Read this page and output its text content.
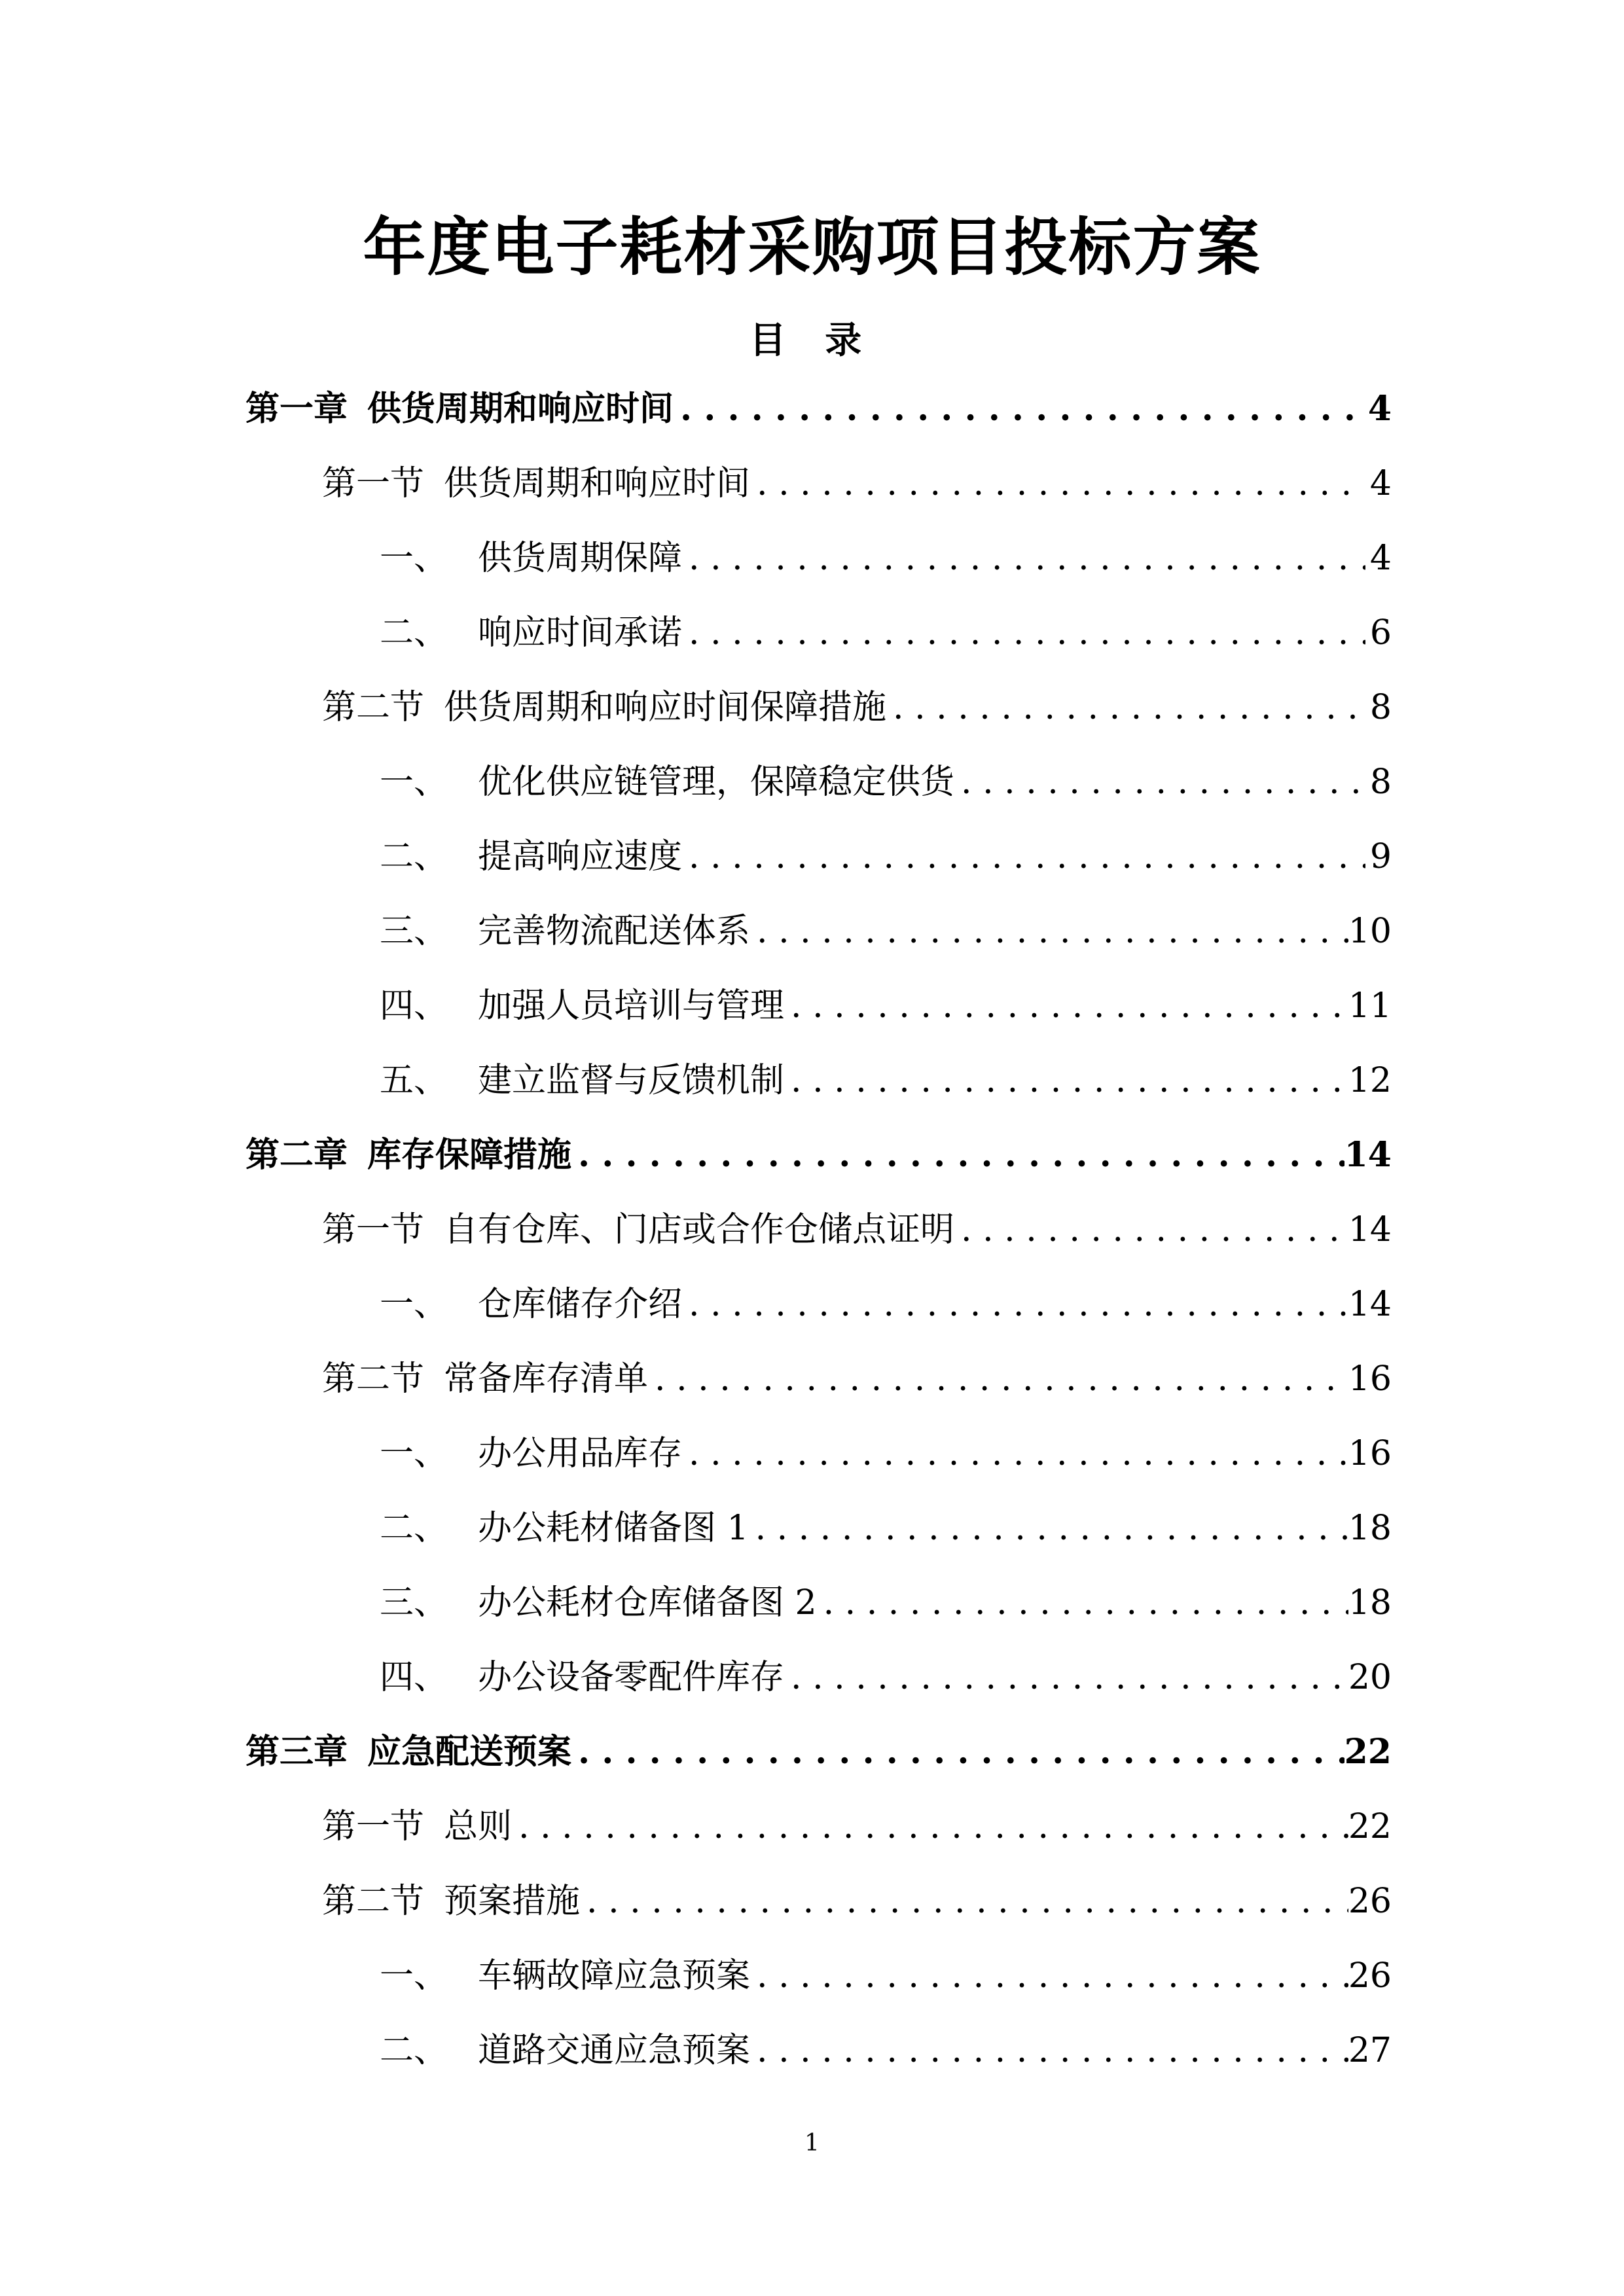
年度电子耗材采购项目投标方案
目 录
第一章 供货周期和响应时间 . . .	4
第一节 供货周期和响应时间 . . .	4
一、 供货周期保障 . . .	4
二、 响应时间承诺 . . .	6
第二节 供货周期和响应时间保障措施 . . .	8
一、 优化供应链管理，保障稳定供货 . . .	8
二、 提高响应速度 . . .	9
三、 完善物流配送体系 . . .	10
四、 加强人员培训与管理 . . .	11
五、 建立监督与反馈机制 . . .	12
第二章 库存保障措施 . . .	14
第一节 自有仓库、门店或合作仓储点证明 . . .	14
一、 仓库储存介绍 . . .	14
第二节 常备库存清单 . . .	16
一、 办公用品库存 . . .	16
二、 办公耗材储备图 1 . . .	18
三、 办公耗材仓库储备图 2 . . .	18
四、 办公设备零配件库存 . . .	20
第三章 应急配送预案 . . .	22
第一节 总则 . . .	22
第二节 预案措施 . . .	26
一、 车辆故障应急预案 . . .	26
二、 道路交通应急预案 . . .	27
1
